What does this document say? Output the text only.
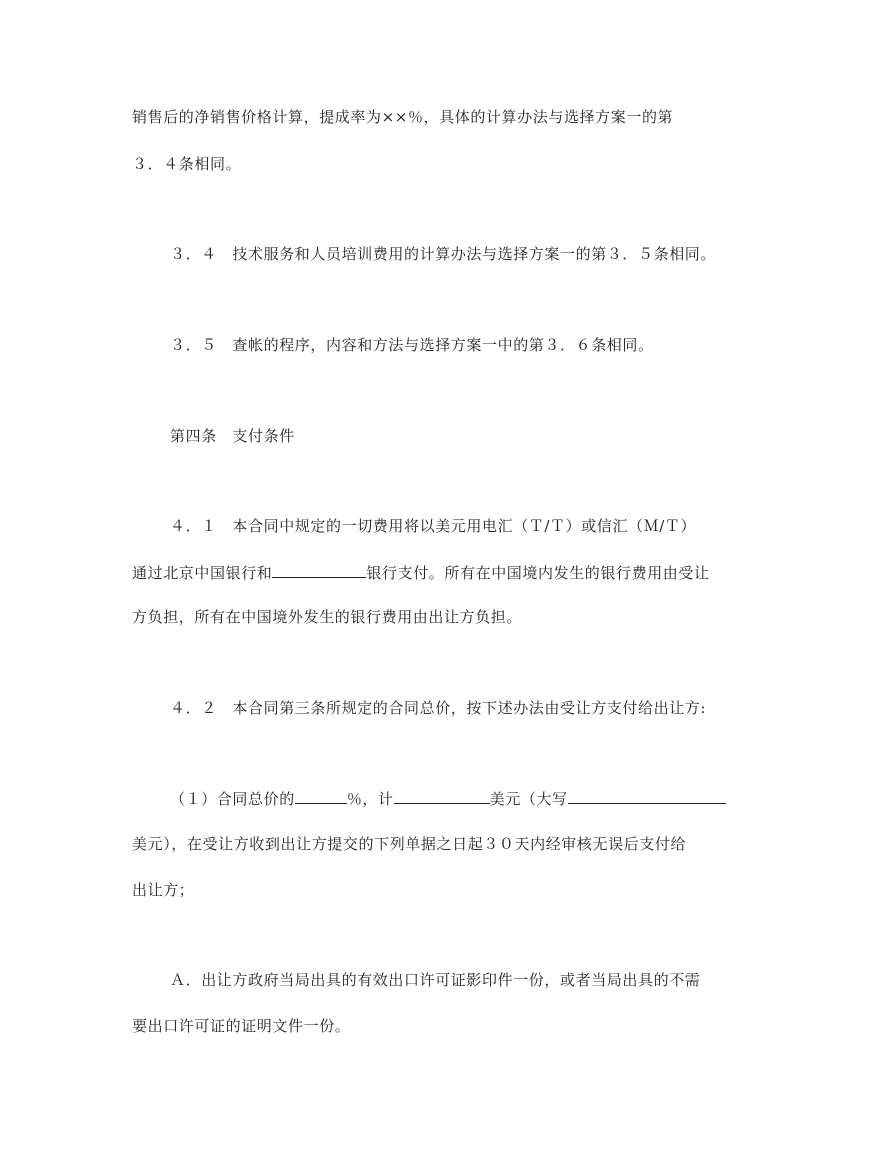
销售后的净销售价格计算，提成率为××％，具体的计算办法与选择方案一的第
３．４条相同。
３．４　技术服务和人员培训费用的计算办法与选择方案一的第３．５条相同。
３．５　查帐的程序，内容和方法与选择方案一中的第３．６条相同。
第四条　支付条件
４．１　本合同中规定的一切费用将以美元用电汇（Ｔ/Ｔ）或信汇（Ｍ/Ｔ）
通过北京中国银行和	银行支付。所有在中国境内发生的银行费用由受让
方负担，所有在中国境外发生的银行费用由出让方负担。
４．２　本合同第三条所规定的合同总价，按下述办法由受让方支付给出让方:
（１）合同总价的	％，计	美元（大写
美元），在受让方收到出让方提交的下列单据之日起３０天内经审核无误后支付给
出让方；
Ａ．出让方政府当局出具的有效出口许可证影印件一份，或者当局出具的不需
要出口许可证的证明文件一份。
